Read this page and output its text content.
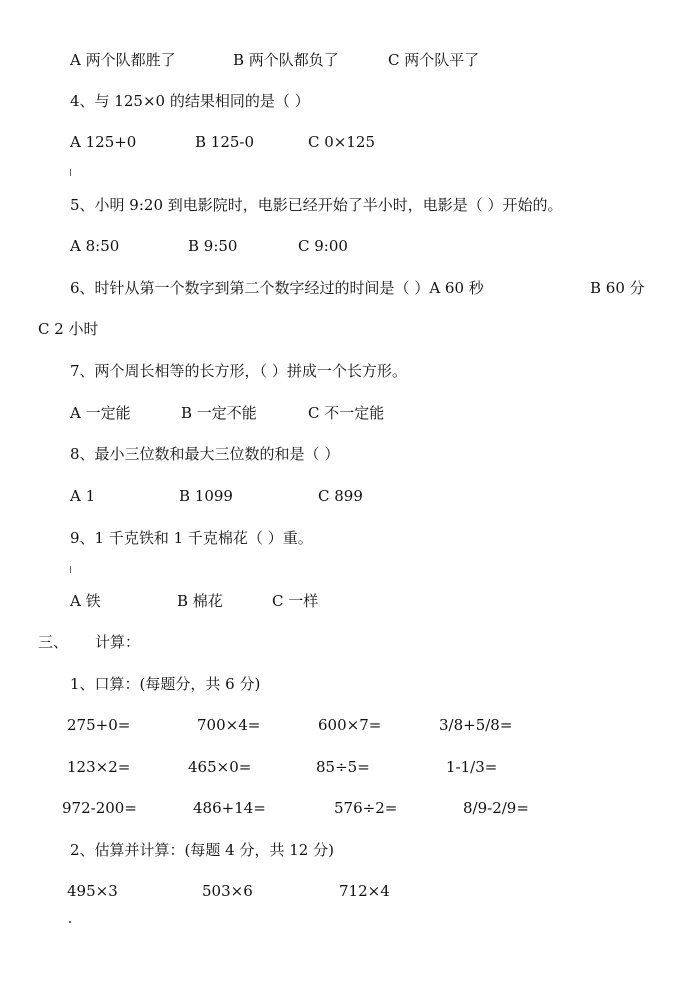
A 两个队都胜了	B 两个队都负了	C 两个队平了
4、与 125×0 的结果相同的是（ ）
A 125+0	B 125-0	C 0×125
5、小明 9:20 到电影院时，电影已经开始了半小时，电影是（ ）开始的。
A 8:50	B 9:50	C 9:00
6、时针从第一个数字到第二个数字经过的时间是（ ）A 60 秒	B 60 分
C 2 小时
7、两个周长相等的长方形，（ ）拼成一个长方形。
A 一定能	B 一定不能	C 不一定能
8、最小三位数和最大三位数的和是（ ）
A 1	B 1099	C 899
9、1 千克铁和 1 千克棉花（ ）重。
A 铁	B 棉花	C 一样
三、 计算：
1、口算：(每题分，共 6 分)
275+0=	700×4=	600×7=	3/8+5/8=
123×2=	465×0=	85÷5=	1-1/3=
972-200=	486+14=	576÷2=	8/9-2/9=
2、估算并计算：(每题 4 分，共 12 分)
495×3	503×6	712×4
